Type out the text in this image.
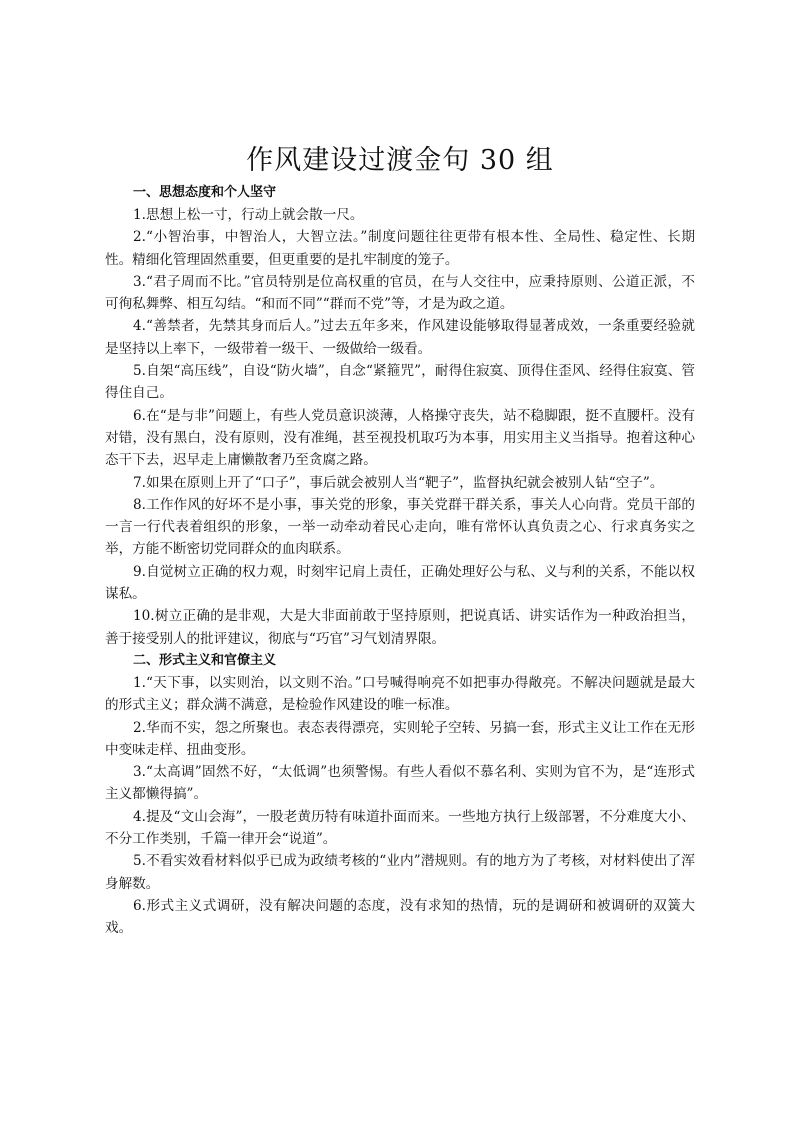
作风建设过渡金句 30 组
一、思想态度和个人坚守

1.思想上松一寸，行动上就会散一尺。

2.“小智治事，中智治人，大智立法。”制度问题往往更带有根本性、全局性、稳定性、长期性。精细化管理固然重要，但更重要的是扎牢制度的笼子。

3.“君子周而不比。”官员特别是位高权重的官员，在与人交往中，应秉持原则、公道正派，不可徇私舞弊、相互勾结。“和而不同”“群而不党”等，才是为政之道。

4.“善禁者，先禁其身而后人。”过去五年多来，作风建设能够取得显著成效，一条重要经验就是坚持以上率下，一级带着一级干、一级做给一级看。

5.自架“高压线”，自设“防火墙”，自念“紧箍咒”，耐得住寂寞、顶得住歪风、经得住寂寞、管得住自己。

6.在“是与非”问题上，有些人党员意识淡薄，人格操守丧失，站不稳脚跟，挺不直腰杆。没有对错，没有黑白，没有原则，没有准绳，甚至视投机取巧为本事，用实用主义当指导。抱着这种心态干下去，迟早走上庸懒散奢乃至贪腐之路。

7.如果在原则上开了“口子”，事后就会被别人当“靶子”，监督执纪就会被别人钻“空子”。

8.工作作风的好坏不是小事，事关党的形象，事关党群干群关系，事关人心向背。党员干部的一言一行代表着组织的形象，一举一动牵动着民心走向，唯有常怀认真负责之心、行求真务实之举，方能不断密切党同群众的血肉联系。

9.自觉树立正确的权力观，时刻牢记肩上责任，正确处理好公与私、义与利的关系，不能以权谋私。

10.树立正确的是非观，大是大非面前敢于坚持原则，把说真话、讲实话作为一种政治担当，善于接受别人的批评建议，彻底与“巧官”习气划清界限。

二、形式主义和官僚主义

1.“天下事，以实则治，以文则不治。”口号喊得响亮不如把事办得敞亮。不解决问题就是最大的形式主义；群众满不满意，是检验作风建设的唯一标准。

2.华而不实，怨之所聚也。表态表得漂亮，实则轮子空转、另搞一套，形式主义让工作在无形中变味走样、扭曲变形。

3.“太高调”固然不好，“太低调”也须警惕。有些人看似不慕名利、实则为官不为，是“连形式主义都懒得搞”。

4.提及“文山会海”，一股老黄历特有味道扑面而来。一些地方执行上级部署，不分难度大小、不分工作类别，千篇一律开会“说道”。

5.不看实效看材料似乎已成为政绩考核的“业内”潜规则。有的地方为了考核，对材料使出了浑身解数。

6.形式主义式调研，没有解决问题的态度，没有求知的热情，玩的是调研和被调研的双簧大戏。
